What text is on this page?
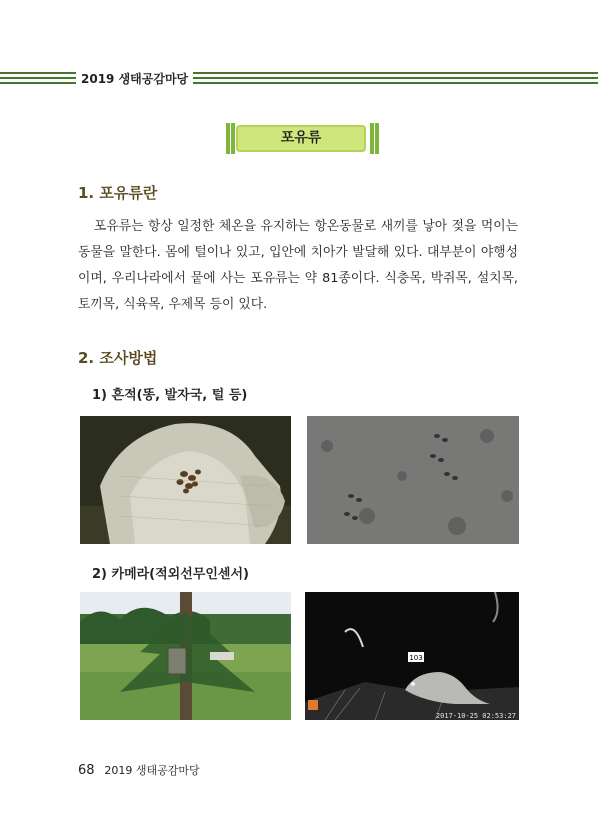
2019 생태공감마당
포유류
1. 포유류란

포유류는 항상 일정한 체온을 유지하는 항온동물로 새끼를 낳아 젖을 먹이는 동물을 말한다. 몸에 털이나 있고, 입안에 치아가 발달해 있다. 대부분이 야행성이며, 우리나라에서 뭍에 사는 포유류는 약 81종이다. 식충목, 박쥐목, 설치목, 토끼목, 식육목, 우제목 등이 있다.

2. 조사방법
1) 흔적(똥, 발자국, 털 등)
2) 카메라(적외선무인센서)
103
2017-10-25 02:53:27
68 2019 생태공감마당
